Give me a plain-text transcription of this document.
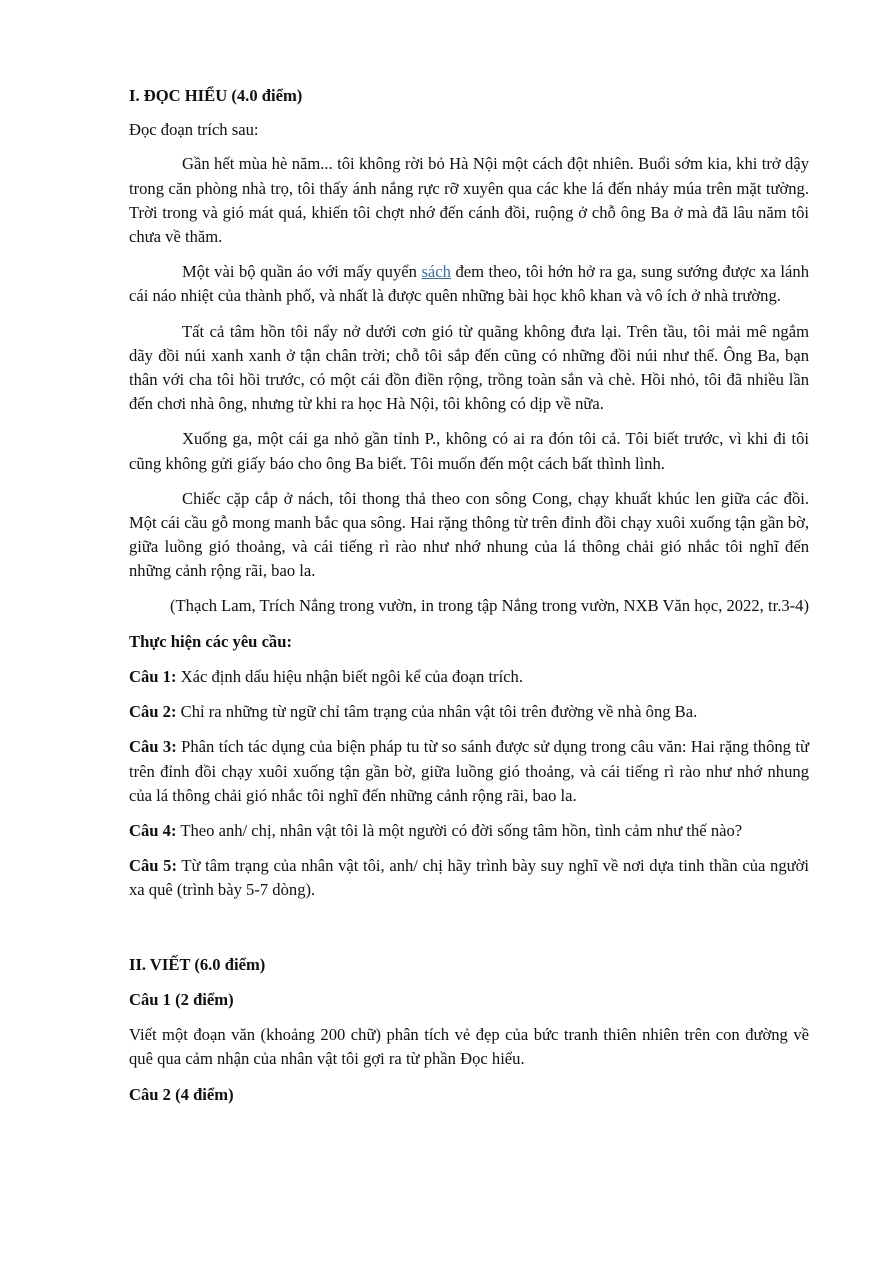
I. ĐỌC HIỂU (4.0 điểm)

Đọc đoạn trích sau:

Gần hết mùa hè năm... tôi không rời bỏ Hà Nội một cách đột nhiên. Buổi sớm kia, khi trở dậy trong căn phòng nhà trọ, tôi thấy ánh nắng rực rỡ xuyên qua các khe lá đến nhảy múa trên mặt tường. Trời trong và gió mát quá, khiến tôi chợt nhớ đến cánh đồi, ruộng ở chỗ ông Ba ở mà đã lâu năm tôi chưa về thăm.

Một vài bộ quần áo với mấy quyển sách đem theo, tôi hớn hở ra ga, sung sướng được xa lánh cái náo nhiệt của thành phố, và nhất là được quên những bài học khô khan và vô ích ở nhà trường.

Tất cả tâm hồn tôi nẩy nở dưới cơn gió từ quãng không đưa lại. Trên tầu, tôi mải mê ngắm dãy đồi núi xanh xanh ở tận chân trời; chỗ tôi sắp đến cũng có những đồi núi như thế. Ông Ba, bạn thân với cha tôi hồi trước, có một cái đồn điền rộng, trồng toàn sắn và chè. Hồi nhỏ, tôi đã nhiều lần đến chơi nhà ông, nhưng từ khi ra học Hà Nội, tôi không có dịp về nữa.

Xuống ga, một cái ga nhỏ gần tỉnh P., không có ai ra đón tôi cả. Tôi biết trước, vì khi đi tôi cũng không gửi giấy báo cho ông Ba biết. Tôi muốn đến một cách bất thình lình.

Chiếc cặp cắp ở nách, tôi thong thả theo con sông Cong, chạy khuất khúc len giữa các đồi. Một cái cầu gỗ mong manh bắc qua sông. Hai rặng thông từ trên đỉnh đồi chạy xuôi xuống tận gần bờ, giữa luồng gió thoảng, và cái tiếng rì rào như nhớ nhung của lá thông chải gió nhắc tôi nghĩ đến những cảnh rộng rãi, bao la.

(Thạch Lam, Trích Nắng trong vườn, in trong tập Nắng trong vườn, NXB Văn học, 2022, tr.3-4)

Thực hiện các yêu cầu:

Câu 1: Xác định dấu hiệu nhận biết ngôi kể của đoạn trích.

Câu 2: Chỉ ra những từ ngữ chỉ tâm trạng của nhân vật tôi trên đường về nhà ông Ba.

Câu 3: Phân tích tác dụng của biện pháp tu từ so sánh được sử dụng trong câu văn: Hai rặng thông từ trên đỉnh đồi chạy xuôi xuống tận gần bờ, giữa luồng gió thoảng, và cái tiếng rì rào như nhớ nhung của lá thông chải gió nhắc tôi nghĩ đến những cảnh rộng rãi, bao la.

Câu 4: Theo anh/ chị, nhân vật tôi là một người có đời sống tâm hồn, tình cảm như thế nào?

Câu 5: Từ tâm trạng của nhân vật tôi, anh/ chị hãy trình bày suy nghĩ về nơi dựa tinh thần của người xa quê (trình bày 5-7 dòng).

II. VIẾT (6.0 điểm)

Câu 1 (2 điểm)

Viết một đoạn văn (khoảng 200 chữ) phân tích vẻ đẹp của bức tranh thiên nhiên trên con đường về quê qua cảm nhận của nhân vật tôi gợi ra từ phần Đọc hiểu.

Câu 2 (4 điểm)
